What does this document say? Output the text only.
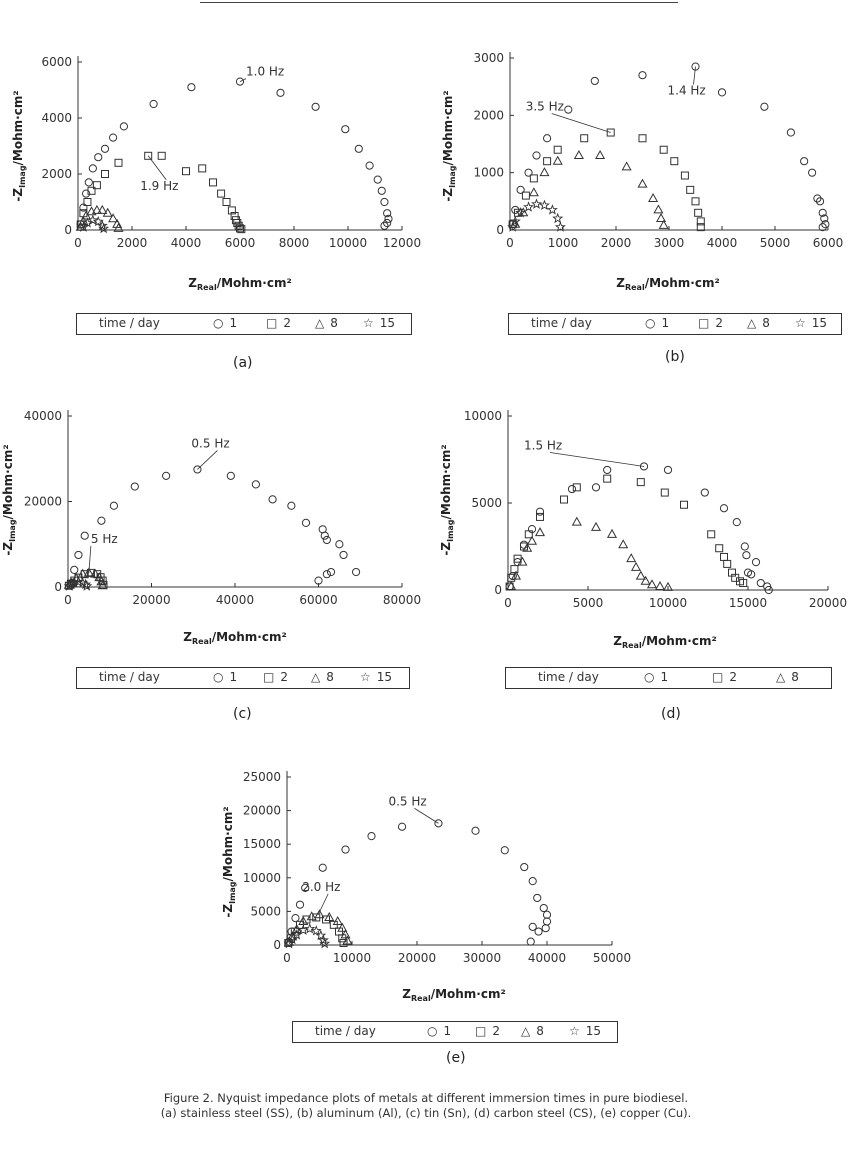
0	2000 4000 6000 8000 10000 12000
0
2000
4000
6000
$Z_{Real}/Mohm\cdot cm^2$
$-Z_{Imag}/Mohm\cdot cm^2$
1.0 Hz
1.9 Hz
0	1000 2000 3000 4000 5000 6000
0
1000
2000
3000
$Z_{Real}/Mohm\cdot cm^2$
$-Z_{Imag}/Mohm\cdot cm^2$	1.4 Hz
3.5 Hz
0	20000	40000	60000	80000
0
20000
40000
$Z_{Real}/Mohm\cdot cm^2$
$-Z_{Imag}/Mohm\cdot cm^2$
0.5 Hz
5 Hz
0	5000	10000	15000	20000
0
5000
10000
$Z_{Real}/Mohm\cdot cm^2$
$-Z_{Imag}/Mohm\cdot cm^2$	1.5 Hz
0	10000 20000 30000 40000 50000
0
5000
10000
15000
20000
25000
$Z_{Real}/Mohm\cdot cm^2$
$-Z_{Imag}/Mohm\cdot cm^2$
0.5 Hz
2.0 Hz
time / day	○ 1 □ 2 △ 8 ☆ 15
(a)
time / day	○ 1 □ 2 △ 8 ☆ 15
(b)
time / day	○ 1 □ 2 △ 8 ☆ 15
(c)
time / day	○ 1	□ 2	△ 8
(d)
time / day	○ 1 □ 2 △ 8 ☆ 15
(e)
Figure 2. Nyquist impedance plots of metals at different immersion times in pure biodiesel.
(a) stainless steel (SS), (b) aluminum (Al), (c) tin (Sn), (d) carbon steel (CS), (e) copper (Cu).
